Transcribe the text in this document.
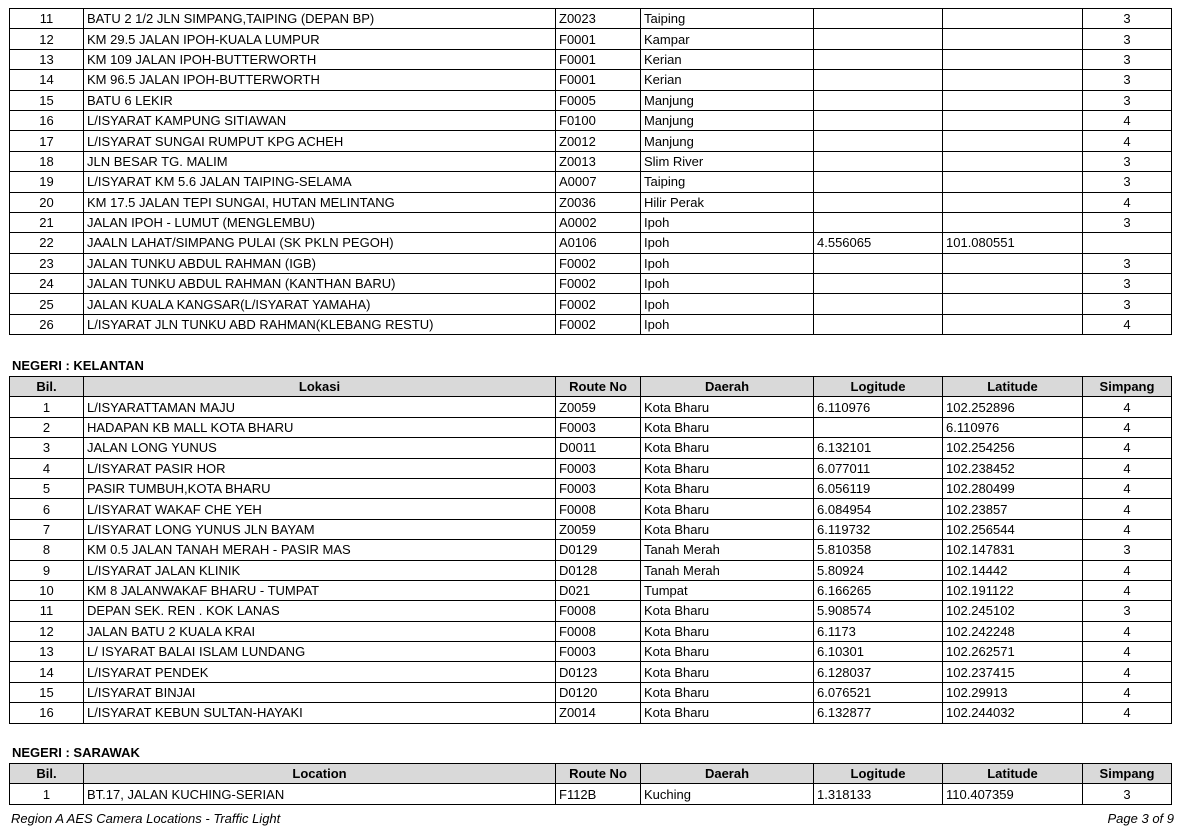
11	BATU 2 1/2 JLN SIMPANG,TAIPING (DEPAN BP)	Z0023	Taiping			3
12	KM 29.5 JALAN IPOH-KUALA LUMPUR	F0001	Kampar			3
13	KM 109 JALAN IPOH-BUTTERWORTH	F0001	Kerian			3
14	KM 96.5 JALAN IPOH-BUTTERWORTH	F0001	Kerian			3
15	BATU 6 LEKIR	F0005	Manjung			3
16	L/ISYARAT KAMPUNG SITIAWAN	F0100	Manjung			4
17	L/ISYARAT SUNGAI RUMPUT KPG ACHEH	Z0012	Manjung			4
18	JLN BESAR TG. MALIM	Z0013	Slim River			3
19	L/ISYARAT KM 5.6 JALAN TAIPING-SELAMA	A0007	Taiping			3
20	KM 17.5 JALAN TEPI SUNGAI, HUTAN MELINTANG	Z0036	Hilir Perak			4
21	JALAN IPOH - LUMUT (MENGLEMBU)	A0002	Ipoh			3
22	JAALN LAHAT/SIMPANG PULAI (SK PKLN PEGOH)	A0106	Ipoh	4.556065	101.080551	
23	JALAN TUNKU ABDUL RAHMAN (IGB)	F0002	Ipoh			3
24	JALAN TUNKU ABDUL RAHMAN (KANTHAN BARU)	F0002	Ipoh			3
25	JALAN KUALA KANGSAR(L/ISYARAT YAMAHA)	F0002	Ipoh			3
26	L/ISYARAT JLN TUNKU ABD RAHMAN(KLEBANG RESTU)	F0002	Ipoh			4
NEGERI : KELANTAN
Bil.	Lokasi	Route No	Daerah	Logitude	Latitude	Simpang
1	L/ISYARATTAMAN MAJU	Z0059	Kota Bharu	6.110976	102.252896	4
2	HADAPAN KB MALL KOTA BHARU	F0003	Kota Bharu		6.110976	4
3	JALAN LONG YUNUS	D0011	Kota Bharu	6.132101	102.254256	4
4	L/ISYARAT PASIR HOR	F0003	Kota Bharu	6.077011	102.238452	4
5	PASIR TUMBUH,KOTA BHARU	F0003	Kota Bharu	6.056119	102.280499	4
6	L/ISYARAT WAKAF CHE YEH	F0008	Kota Bharu	6.084954	102.23857	4
7	L/ISYARAT LONG YUNUS JLN BAYAM	Z0059	Kota Bharu	6.119732	102.256544	4
8	KM 0.5 JALAN TANAH MERAH - PASIR MAS	D0129	Tanah Merah	5.810358	102.147831	3
9	L/ISYARAT JALAN KLINIK	D0128	Tanah Merah	5.80924	102.14442	4
10	KM 8 JALANWAKAF BHARU - TUMPAT	D021	Tumpat	6.166265	102.191122	4
11	DEPAN SEK. REN . KOK LANAS	F0008	Kota Bharu	5.908574	102.245102	3
12	JALAN BATU 2 KUALA KRAI	F0008	Kota Bharu	6.1173	102.242248	4
13	L/ ISYARAT BALAI ISLAM LUNDANG	F0003	Kota Bharu	6.10301	102.262571	4
14	L/ISYARAT PENDEK	D0123	Kota Bharu	6.128037	102.237415	4
15	L/ISYARAT BINJAI	D0120	Kota Bharu	6.076521	102.29913	4
16	L/ISYARAT KEBUN SULTAN-HAYAKI	Z0014	Kota Bharu	6.132877	102.244032	4
NEGERI : SARAWAK
Bil.	Location	Route No	Daerah	Logitude	Latitude	Simpang
1	BT.17, JALAN KUCHING-SERIAN	F112B	Kuching	1.318133	110.407359	3
Region A AES Camera Locations - Traffic Light	Page 3 of 9
